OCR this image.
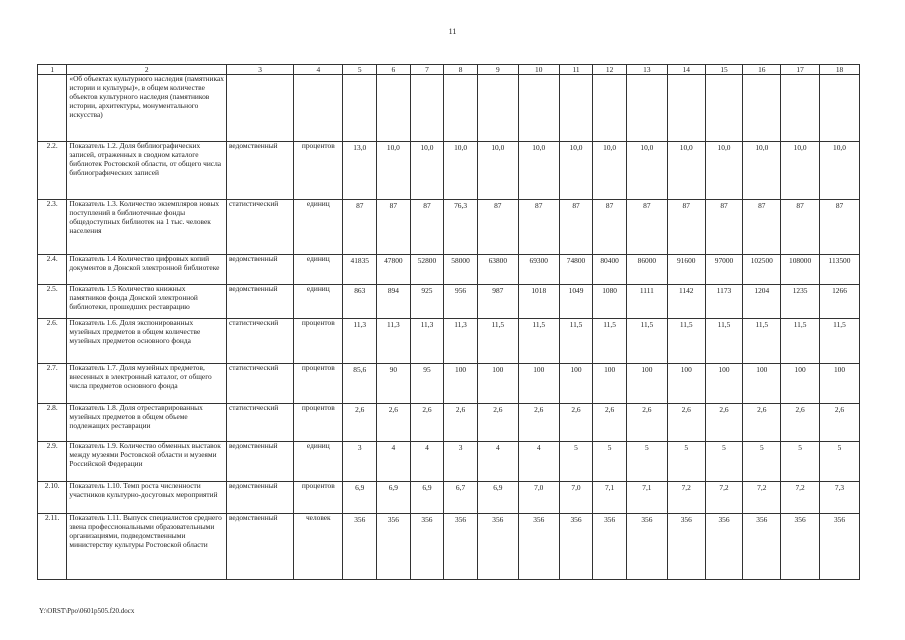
11
1	2	3	4	5	6	7	8	9	10	11	12	13	14	15	16	17	18
	«Об объектах культурного наследия (памятниках истории и культуры)», в общем количестве объектов культурного наследия (памятников истории, архитектуры, монументального искусства)																
2.2.	Показатель 1.2. Доля библиографических записей, отраженных в сводном каталоге библиотек Ростовской области, от общего числа библиографических записей	ведомственный	процентов	13,0	10,0	10,0	10,0	10,0	10,0	10,0	10,0	10,0	10,0	10,0	10,0	10,0	10,0
2.3.	Показатель 1.3. Количество экземпляров новых поступлений в библиотечные фонды общедоступных библиотек на 1 тыс. человек населения	статистический	единиц	87	87	87	76,3	87	87	87	87	87	87	87	87	87	87
2.4.	Показатель 1.4 Количество цифровых копий документов в Донской электронной библиотеке	ведомственный	единиц	41835	47800	52800	58000	63800	69300	74800	80400	86000	91600	97000	102500	108000	113500
2.5.	Показатель 1.5 Количество книжных памятников фонда Донской электронной библиотеки, прошедших реставрацию	ведомственный	единиц	863	894	925	956	987	1018	1049	1080	1111	1142	1173	1204	1235	1266
2.6.	Показатель 1.6. Доля экспонированных музейных предметов в общем количестве музейных предметов основного фонда	статистический	процентов	11,3	11,3	11,3	11,3	11,5	11,5	11,5	11,5	11,5	11,5	11,5	11,5	11,5	11,5
2.7.	Показатель 1.7. Доля музейных предметов, внесенных в электронный каталог, от общего числа предметов основного фонда	статистический	процентов	85,6	90	95	100	100	100	100	100	100	100	100	100	100	100
2.8.	Показатель 1.8. Доля отреставрированных музейных предметов в общем объеме подлежащих реставрации	статистический	процентов	2,6	2,6	2,6	2,6	2,6	2,6	2,6	2,6	2,6	2,6	2,6	2,6	2,6	2,6
2.9.	Показатель 1.9. Количество обменных выставок между музеями Ростовской области и музеями Российской Федерации	ведомственный	единиц	3	4	4	3	4	4	5	5	5	5	5	5	5	5
2.10.	Показатель 1.10. Темп роста численности участников культурно-досуговых мероприятий	ведомственный	процентов	6,9	6,9	6,9	6,7	6,9	7,0	7,0	7,1	7,1	7,2	7,2	7,2	7,2	7,3
2.11.	Показатель 1.11. Выпуск специалистов среднего звена профессиональными образовательными организациями, подведомственными министерству культуры Ростовской области	ведомственный	человек	356	356	356	356	356	356	356	356	356	356	356	356	356	356
Y:\ORST\Ppo\0601p505.f20.docx
